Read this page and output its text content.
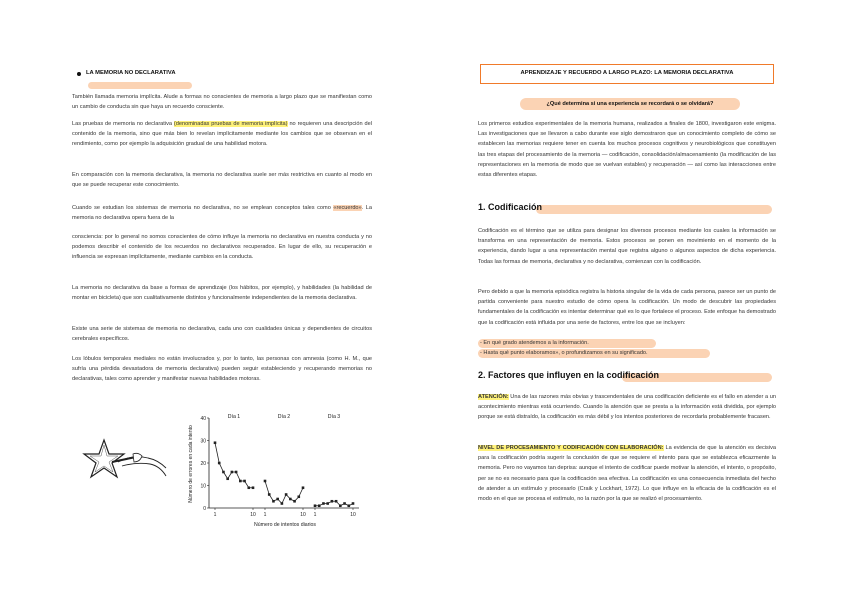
LA MEMORIA NO DECLARATIVA
También llamada memoria implícita. Alude a formas no conscientes de memoria a largo plazo que se manifiestan como un cambio de conducta sin que haya un recuerdo consciente.
Las pruebas de memoria no declarativa (denominadas pruebas de memoria implícita) no requieren una descripción del contenido de la memoria, sino que más bien lo revelan implícitamente mediante los cambios que se observan en el rendimiento, como por ejemplo la adquisición gradual de una habilidad motora.
En comparación con la memoria declarativa, la memoria no declarativa suele ser más restrictiva en cuanto al modo en que se puede recuperar este conocimiento.
Cuando se estudian los sistemas de memoria no declarativa, no se emplean conceptos tales como «recuerdo». La memoria no declarativa opera fuera de la
consciencia: por lo general no somos conscientes de cómo influye la memoria no declarativa en nuestra conducta y no podemos describir el contenido de los recuerdos no declarativos recuperados. En lugar de ello, su recuperación e influencia se expresan implícitamente, mediante cambios en la conducta.
La memoria no declarativa da base a formas de aprendizaje (los hábitos, por ejemplo), y habilidades (la habilidad de montar en bicicleta) que son cualitativamente distintos y funcionalmente independientes de la memoria declarativa.
Existe una serie de sistemas de memoria no declarativa, cada uno con cualidades únicas y dependientes de circuitos cerebrales específicos.
Los lóbulos temporales mediales no están involucrados y, por lo tanto, las personas con amnesia (como H. M., que sufría una pérdida devastadora de memoria declarativa) pueden seguir estableciendo y recuperando memorias no declarativas, tales como aprender y manifestar nuevas habilidades motoras.
0
10
20
30
40
1	10 1	10 1	10
Día 1	Día 2	Día 3
Número de errores en cada intento
Número de intentos diarios
APRENDIZAJE Y RECUERDO A LARGO PLAZO: LA MEMORIA DECLARATIVA
¿Qué determina si una experiencia se recordará o se olvidará?
Los primeros estudios experimentales de la memoria humana, realizados a finales de 1800, investigaron este enigma. Las investigaciones que se llevaron a cabo durante ese siglo demostraron que un conocimiento completo de cómo se establecen las memorias requiere tener en cuenta los muchos procesos cognitivos y neurobiológicos que constituyen las tres etapas del procesamiento de la memoria — codificación, consolidación/almacenamiento (la modificación de las representaciones en la memoria de modo que se vuelvan estables) y recuperación — así como las interacciones entre estas diferentes etapas.
1. Codificación
Codificación es el término que se utiliza para designar los diversos procesos mediante los cuales la información se transforma en una representación de memoria. Estos procesos se ponen en movimiento en el momento de la experiencia, dando lugar a una representación mental que registra alguno o algunos aspectos de dicha experiencia. Todas las formas de memoria, declarativa y no declarativa, comienzan con la codificación.
Pero debido a que la memoria episódica registra la historia singular de la vida de cada persona, parece ser un punto de partida conveniente para nuestro estudio de cómo opera la codificación. Un modo de descubrir las propiedades fundamentales de la codificación es intentar determinar qué es lo que fortalece el proceso. Este enfoque ha demostrado que la codificación está influida por una serie de factores, entre los que se incluyen:
- En qué grado atendemos a la información.
- Hasta qué punto elaboramos», o profundizamos en su significado.
2. Factores que influyen en la codificación
ATENCIÓN: Una de las razones más obvias y trascendentales de una codificación deficiente es el fallo en atender a un acontecimiento mientras está ocurriendo. Cuando la atención que se presta a la información está dividida, por ejemplo porque se está distraído, la codificación es más débil y los intentos posteriores de recordarla probablemente fracasen.
NIVEL DE PROCESAMIENTO Y CODIFICACIÓN CON ELABORACIÓN: La evidencia de que la atención es decisiva para la codificación podría sugerir la conclusión de que se requiere el intento para que se establezca eficazmente la memoria. Pero no vayamos tan deprisa: aunque el intento de codificar puede motivar la atención, el intento, o propósito, per se no es necesario para que la codificación sea efectiva. La codificación es una consecuencia inmediata del hecho de atender a un estímulo y procesarlo (Craik y Lockhart, 1972). Lo que influye en la eficacia de la codificación es el modo en el que se procesa el estímulo, no la razón por la que se realizó el procesamiento.
